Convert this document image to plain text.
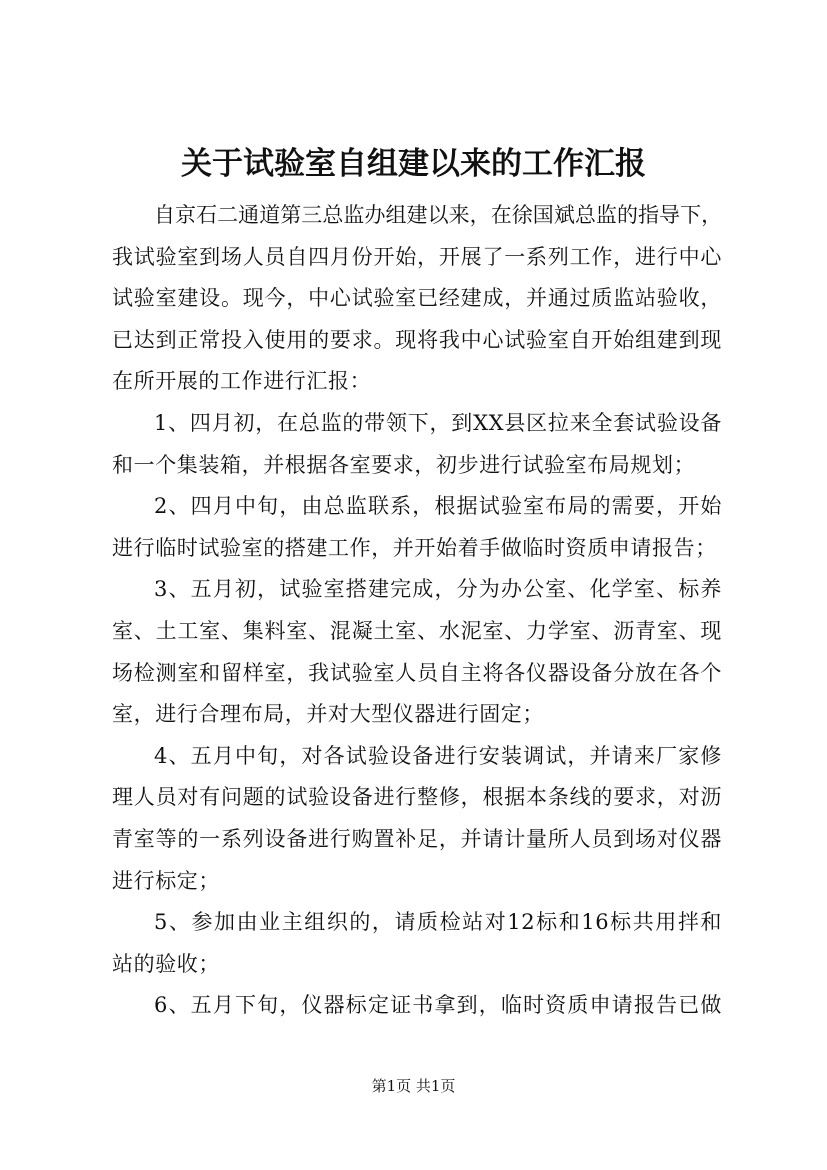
关于试验室自组建以来的工作汇报

自京石二通道第三总监办组建以来，在徐国斌总监的指导下，
我试验室到场人员自四月份开始，开展了一系列工作，进行中心
试验室建设。现今，中心试验室已经建成，并通过质监站验收，
已达到正常投入使用的要求。现将我中心试验室自开始组建到现
在所开展的工作进行汇报：

1、四月初，在总监的带领下，到XX县区拉来全套试验设备
和一个集装箱，并根据各室要求，初步进行试验室布局规划；

2、四月中旬，由总监联系，根据试验室布局的需要，开始
进行临时试验室的搭建工作，并开始着手做临时资质申请报告；

3、五月初，试验室搭建完成，分为办公室、化学室、标养
室、土工室、集料室、混凝土室、水泥室、力学室、沥青室、现
场检测室和留样室，我试验室人员自主将各仪器设备分放在各个
室，进行合理布局，并对大型仪器进行固定；

4、五月中旬，对各试验设备进行安装调试，并请来厂家修
理人员对有问题的试验设备进行整修，根据本条线的要求，对沥
青室等的一系列设备进行购置补足，并请计量所人员到场对仪器
进行标定；

5、参加由业主组织的，请质检站对12标和16标共用拌和
站的验收；

6、五月下旬，仪器标定证书拿到，临时资质申请报告已做

第1页 共1页
